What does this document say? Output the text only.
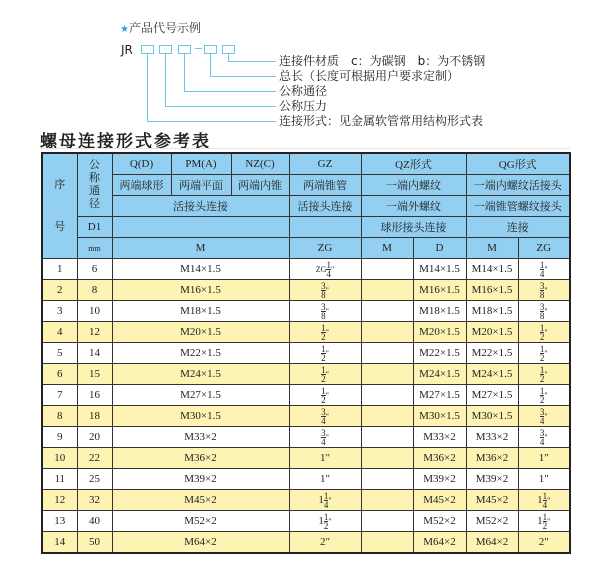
★产品代号示例
JR
连接件材质　c：为碳钢　b：为不锈钢
总长（长度可根据用户要求定制）
公称通径
公称压力
连接形式：见金属软管常用结构形式表
螺母连接形式参考表
序

号	公称通径	Q(D)	PM(A)	NZ(C)	GZ	QZ形式		QG形式	
		两端球形	两端平面	两端内锥	两端锥管	一端内螺纹		一端内螺纹活接头	
		活接头连接			活接头连接	一端外螺纹		一端锥管螺纹接头	
	D1					球形接头连接		连接	
	mm	M			ZG	M	D	M	ZG
1	6	M14×1.5			ZG $\frac{1}{4}$ "		M14×1.5	M14×1.5	$\frac{1}{4}$ "
2	8	M16×1.5			$\frac{3}{8}$ "		M16×1.5	M16×1.5	$\frac{3}{8}$ "
3	10	M18×1.5			$\frac{3}{8}$ "		M18×1.5	M18×1.5	$\frac{3}{8}$ "
4	12	M20×1.5			$\frac{1}{2}$ "		M20×1.5	M20×1.5	$\frac{1}{2}$ "
5	14	M22×1.5			$\frac{1}{2}$ "		M22×1.5	M22×1.5	$\frac{1}{2}$ "
6	15	M24×1.5			$\frac{1}{2}$ "		M24×1.5	M24×1.5	$\frac{1}{2}$ "
7	16	M27×1.5			$\frac{1}{2}$ "		M27×1.5	M27×1.5	$\frac{1}{2}$ "
8	18	M30×1.5			$\frac{3}{4}$ "		M30×1.5	M30×1.5	$\frac{3}{4}$ "
9	20	M33×2			$\frac{3}{4}$ "		M33×2	M33×2	$\frac{3}{4}$ "
10	22	M36×2			1"		M36×2	M36×2	1"
11	25	M39×2			1"		M39×2	M39×2	1"
12	32	M45×2			$1 \frac{1}{4}$ "		M45×2	M45×2	$1 \frac{1}{4}$ "
13	40	M52×2			$1 \frac{1}{2}$ "		M52×2	M52×2	$1 \frac{1}{2}$ "
14	50	M64×2			2"		M64×2	M64×2	2"
